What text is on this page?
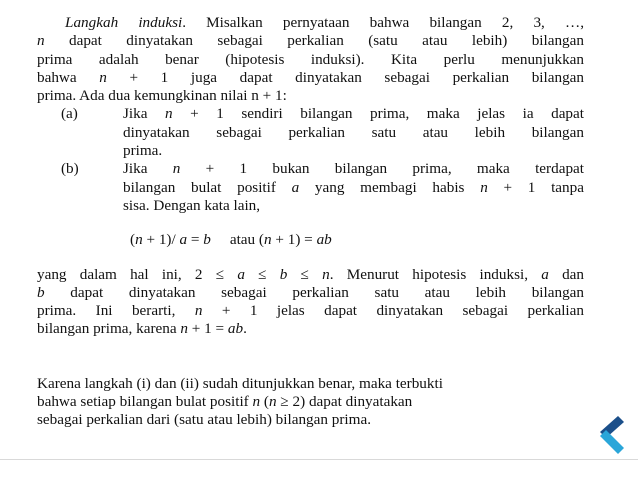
Langkah induksi. Misalkan pernyataan bahwa bilangan 2, 3, …,
n dapat dinyatakan sebagai perkalian (satu atau lebih) bilangan
prima adalah benar (hipotesis induksi). Kita perlu menunjukkan
bahwa n + 1 juga dapat dinyatakan sebagai perkalian bilangan
prima. Ada dua kemungkinan nilai n + 1:
(a)	Jika n + 1 sendiri bilangan prima, maka jelas ia dapat
dinyatakan sebagai perkalian satu atau lebih bilangan
prima.
(b)	Jika n + 1 bukan bilangan prima, maka terdapat
bilangan bulat positif a yang membagi habis n + 1 tanpa
sisa. Dengan kata lain,
(n + 1)/ a = b     atau (n + 1) = ab
yang dalam hal ini, 2 ≤ a ≤ b ≤ n. Menurut hipotesis induksi, a dan
b dapat dinyatakan sebagai perkalian satu atau lebih bilangan
prima. Ini berarti, n + 1 jelas dapat dinyatakan sebagai perkalian
bilangan prima, karena n + 1 = ab.
Karena langkah (i) dan (ii) sudah ditunjukkan benar, maka terbukti
bahwa setiap bilangan bulat positif n (n ≥ 2) dapat dinyatakan
sebagai perkalian dari (satu atau lebih) bilangan prima.
